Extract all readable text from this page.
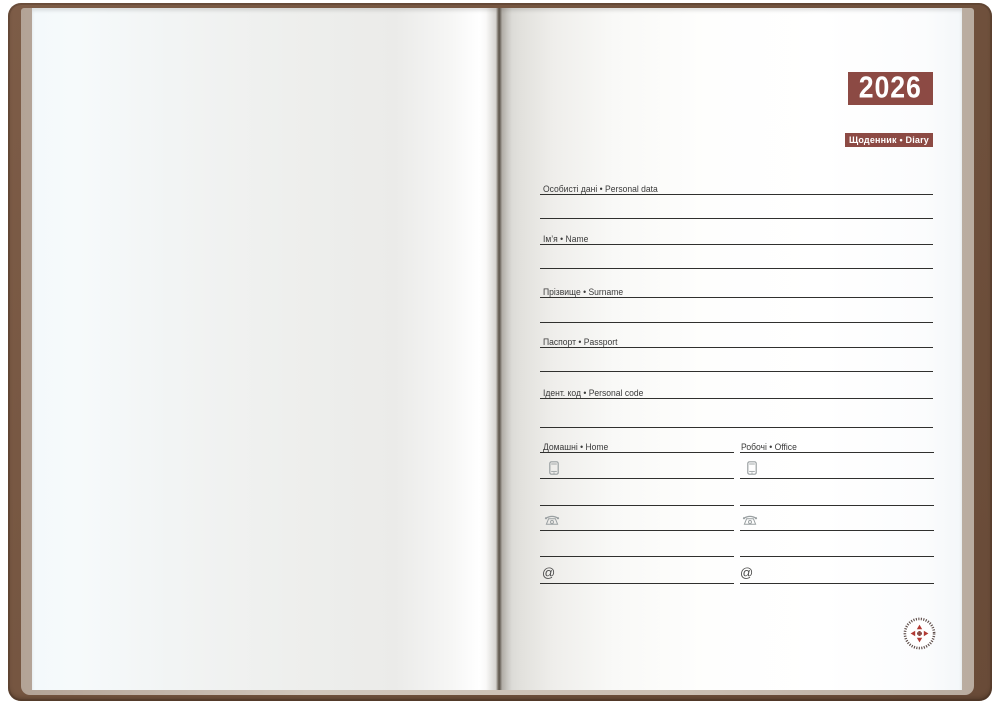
2026
Щоденник • Diary
Особисті дані • Personal data
Ім’я • Name
Прізвище • Surname
Паспорт • Passport
Ідент. код • Personal code
Домашні • Home	Робочі • Office
@	@
